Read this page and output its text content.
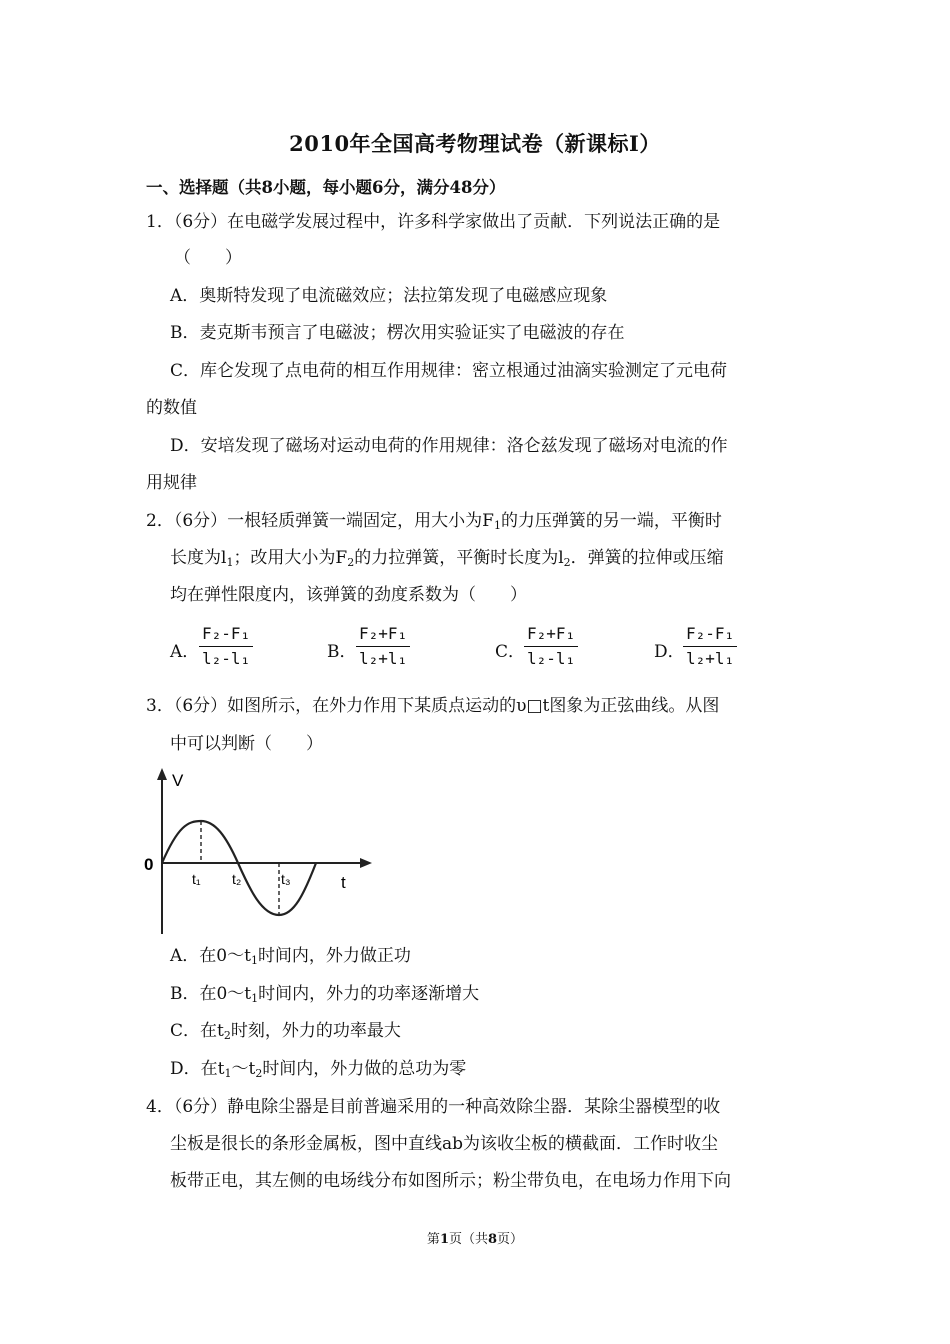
2010年全国高考物理试卷（新课标I）
一、选择题（共8小题，每小题6分，满分48分）
1．（6分）在电磁学发展过程中，许多科学家做出了贡献．下列说法正确的是
（　　）
A．奥斯特发现了电流磁效应；法拉第发现了电磁感应现象
B．麦克斯韦预言了电磁波；楞次用实验证实了电磁波的存在
C．库仑发现了点电荷的相互作用规律：密立根通过油滴实验测定了元电荷
的数值
D．安培发现了磁场对运动电荷的作用规律：洛仑兹发现了磁场对电流的作
用规律
2．（6分）一根轻质弹簧一端固定，用大小为$F_1$的力压弹簧的另一端，平衡时
长度为$l_1$；改用大小为$F_2$的力拉弹簧，平衡时长度为$l_2$．弹簧的拉伸或压缩
均在弹性限度内，该弹簧的劲度系数为（　　）
A．
F₂-F₁
l₂-l₁	B．
F₂+F₁
l₂+l₁	C．
F₂+F₁
l₂-l₁	D．
F₂-F₁
l₂+l₁
3．（6分）如图所示，在外力作用下某质点运动的υ□t图象为正弦曲线。从图
中可以判断（　　）
V
0
t
t₁ t₂	t₃
A．在$0\sim t_1$时间内，外力做正功
B．在$0\sim t_1$时间内，外力的功率逐渐增大
C．在$t_2$时刻，外力的功率最大
D．在$t_1\sim t_2$时间内，外力做的总功为零
4．（6分）静电除尘器是目前普遍采用的一种高效除尘器．某除尘器模型的收
尘板是很长的条形金属板，图中直线ab为该收尘板的横截面．工作时收尘
板带正电，其左侧的电场线分布如图所示；粉尘带负电，在电场力作用下向
第1页（共8页）
